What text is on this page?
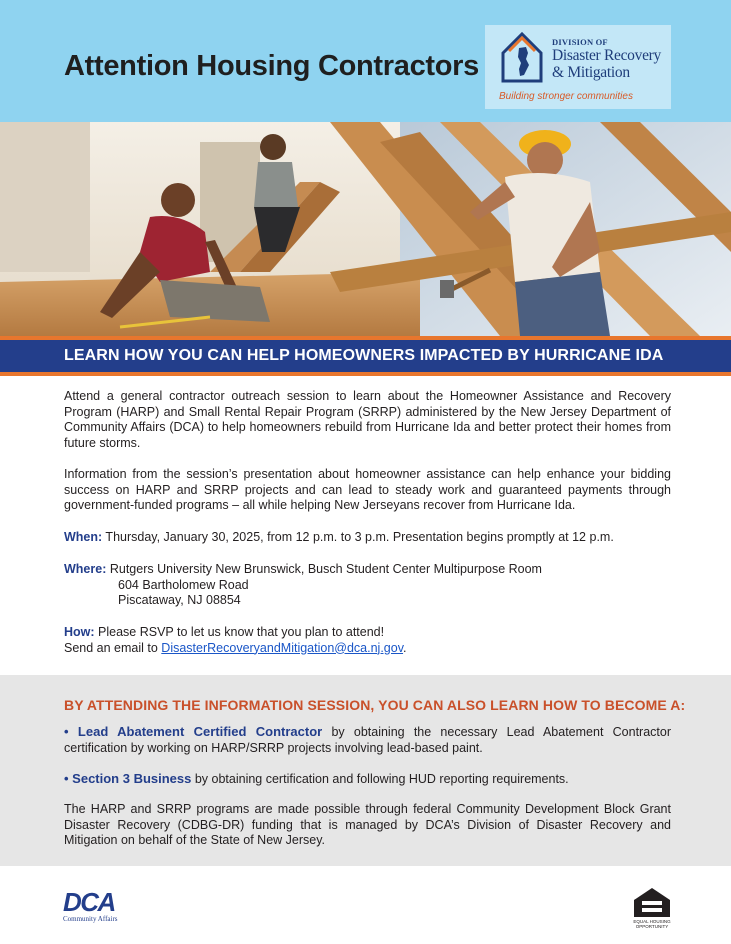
Attention Housing Contractors
DIVISION OF
Disaster Recovery
& Mitigation
Building stronger communities
LEARN HOW YOU CAN HELP HOMEOWNERS IMPACTED BY HURRICANE IDA

Attend a general contractor outreach session to learn about the Homeowner Assistance and Recovery Program (HARP) and Small Rental Repair Program (SRRP) administered by the New Jersey Department of Community Affairs (DCA) to help homeowners rebuild from Hurricane Ida and better protect their homes from future storms.

Information from the session’s presentation about homeowner assistance can help enhance your bidding success on HARP and SRRP projects and can lead to steady work and guaranteed payments through government-funded programs – all while helping New Jerseyans recover from Hurricane Ida.

When: Thursday, January 30, 2025, from 12 p.m. to 3 p.m. Presentation begins promptly at 12 p.m.
Where: Rutgers University New Brunswick, Busch Student Center Multipurpose Room
604 Bartholomew Road
Piscataway, NJ 08854
How: Please RSVP to let us know that you plan to attend!
Send an email to DisasterRecoveryandMitigation@dca.nj.gov.
BY ATTENDING THE INFORMATION SESSION, YOU CAN ALSO LEARN HOW TO BECOME A:

• Lead Abatement Certified Contractor by obtaining the necessary Lead Abatement Contractor certification by working on HARP/SRRP projects involving lead-based paint.

• Section 3 Business by obtaining certification and following HUD reporting requirements.

The HARP and SRRP programs are made possible through federal Community Development Block Grant Disaster Recovery (CDBG-DR) funding that is managed by DCA’s Division of Disaster Recovery and Mitigation on behalf of the State of New Jersey.

DCA
Community Affairs	EQUAL HOUSING OPPORTUNITY
